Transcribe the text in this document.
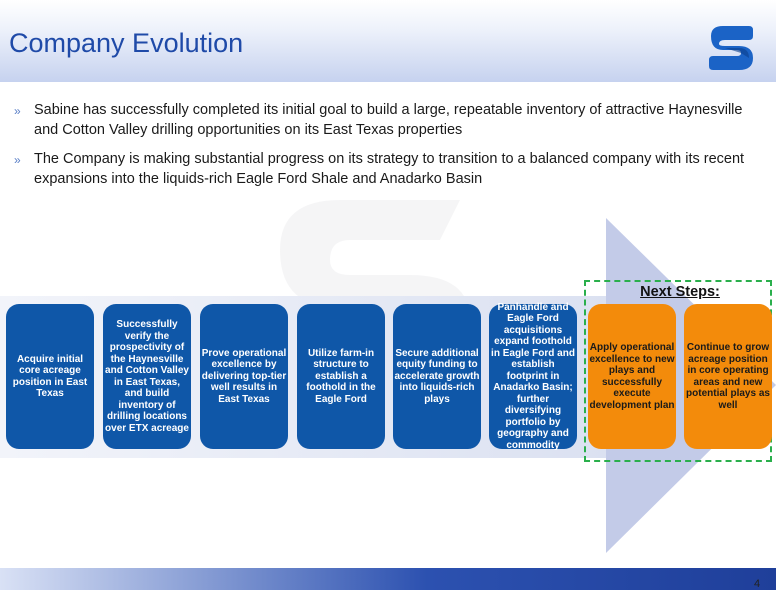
Company Evolution
» Sabine has successfully completed its initial goal to build a large, repeatable inventory of attractive Haynesville and Cotton Valley drilling opportunities on its East Texas properties
» The Company is making substantial progress on its strategy to transition to a balanced company with its recent expansions into the liquids-rich Eagle Ford Shale and Anadarko Basin
Next Steps:
Acquire initial core acreage position in East Texas
Successfully verify the prospectivity of the Haynesville and Cotton Valley in East Texas, and build inventory of drilling locations over ETX acreage
Prove operational excellence by delivering top-tier well results in East Texas
Utilize farm-in structure to establish a foothold in the Eagle Ford
Secure additional equity funding to accelerate growth into liquids-rich plays
Panhandle and Eagle Ford acquisitions expand foothold in Eagle Ford and establish footprint in Anadarko Basin; further diversifying portfolio by geography and commodity
Apply operational excellence to new plays and successfully execute development plan
Continue to grow acreage position in core operating areas and new potential plays as well
4
